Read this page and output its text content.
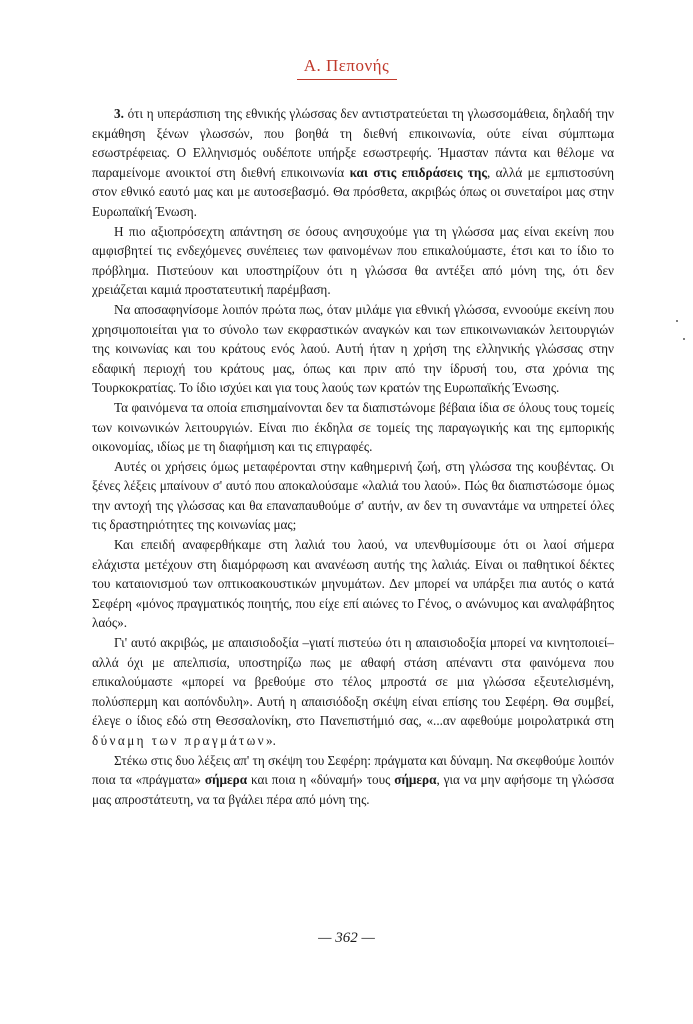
Α. Πεπονής

3. ότι η υπεράσπιση της εθνικής γλώσσας δεν αντιστρατεύεται τη γλωσσομάθεια, δηλαδή την εκμάθηση ξένων γλωσσών, που βοηθά τη διεθνή επικοινωνία, ούτε είναι σύμπτωμα εσωστρέφειας. Ο Ελληνισμός ουδέποτε υπήρξε εσωστρεφής. Ήμασταν πάντα και θέλομε να παραμείνομε ανοικτοί στη διεθνή επικοινωνία και στις επιδράσεις της, αλλά με εμπιστοσύνη στον εθνικό εαυτό μας και με αυτοσεβασμό. Θα πρόσθετα, ακριβώς όπως οι συνεταίροι μας στην Ευρωπαϊκή Ένωση.

Η πιο αξιοπρόσεχτη απάντηση σε όσους ανησυχούμε για τη γλώσσα μας είναι εκείνη που αμφισβητεί τις ενδεχόμενες συνέπειες των φαινομένων που επικαλούμαστε, έτσι και το ίδιο το πρόβλημα. Πιστεύουν και υποστηρίζουν ότι η γλώσσα θα αντέξει από μόνη της, ότι δεν χρειάζεται καμιά προστατευτική παρέμβαση.

Να αποσαφηνίσομε λοιπόν πρώτα πως, όταν μιλάμε για εθνική γλώσσα, εννοούμε εκείνη που χρησιμοποιείται για το σύνολο των εκφραστικών αναγκών και των επικοινωνιακών λειτουργιών της κοινωνίας και του κράτους ενός λαού. Αυτή ήταν η χρήση της ελληνικής γλώσσας στην εδαφική περιοχή του κράτους μας, όπως και πριν από την ίδρυσή του, στα χρόνια της Τουρκοκρατίας. Το ίδιο ισχύει και για τους λαούς των κρατών της Ευρωπαϊκής Ένωσης.

Τα φαινόμενα τα οποία επισημαίνονται δεν τα διαπιστώνομε βέβαια ίδια σε όλους τους τομείς των κοινωνικών λειτουργιών. Είναι πιο έκδηλα σε τομείς της παραγωγικής και της εμπορικής οικονομίας, ιδίως με τη διαφήμιση και τις επιγραφές.

Αυτές οι χρήσεις όμως μεταφέρονται στην καθημερινή ζωή, στη γλώσσα της κουβέντας. Οι ξένες λέξεις μπαίνουν σ' αυτό που αποκαλούσαμε «λαλιά του λαού». Πώς θα διαπιστώσομε όμως την αντοχή της γλώσσας και θα επαναπαυθούμε σ' αυτήν, αν δεν τη συναντάμε να υπηρετεί όλες τις δραστηριότητες της κοινωνίας μας;

Και επειδή αναφερθήκαμε στη λαλιά του λαού, να υπενθυμίσουμε ότι οι λαοί σήμερα ελάχιστα μετέχουν στη διαμόρφωση και ανανέωση αυτής της λαλιάς. Είναι οι παθητικοί δέκτες του καταιονισμού των οπτικοακουστικών μηνυμάτων. Δεν μπορεί να υπάρξει πια αυτός ο κατά Σεφέρη «μόνος πραγματικός ποιητής, που είχε επί αιώνες το Γένος, ο ανώνυμος και αναλφάβητος λαός».

Γι' αυτό ακριβώς, με απαισιοδοξία –γιατί πιστεύω ότι η απαισιοδοξία μπορεί να κινητοποιεί– αλλά όχι με απελπισία, υποστηρίζω πως με αθαφή στάση απέναντι στα φαινόμενα που επικαλούμαστε «μπορεί να βρεθούμε στο τέλος μπροστά σε μια γλώσσα εξευτελισμένη, πολύσπερμη και αοπόνδυλη». Αυτή η απαισιόδοξη σκέψη είναι επίσης του Σεφέρη. Θα συμβεί, έλεγε ο ίδιος εδώ στη Θεσσαλονίκη, στο Πανεπιστήμιό σας, «...αν αφεθούμε μοιρολατρικά στη δύναμη των πραγμάτων».

Στέκω στις δυο λέξεις απ' τη σκέψη του Σεφέρη: πράγματα και δύναμη. Να σκεφθούμε λοιπόν ποια τα «πράγματα» σήμερα και ποια η «δύναμή» τους σήμερα, για να μην αφήσομε τη γλώσσα μας απροστάτευτη, να τα βγάλει πέρα από μόνη της.

— 362 —
